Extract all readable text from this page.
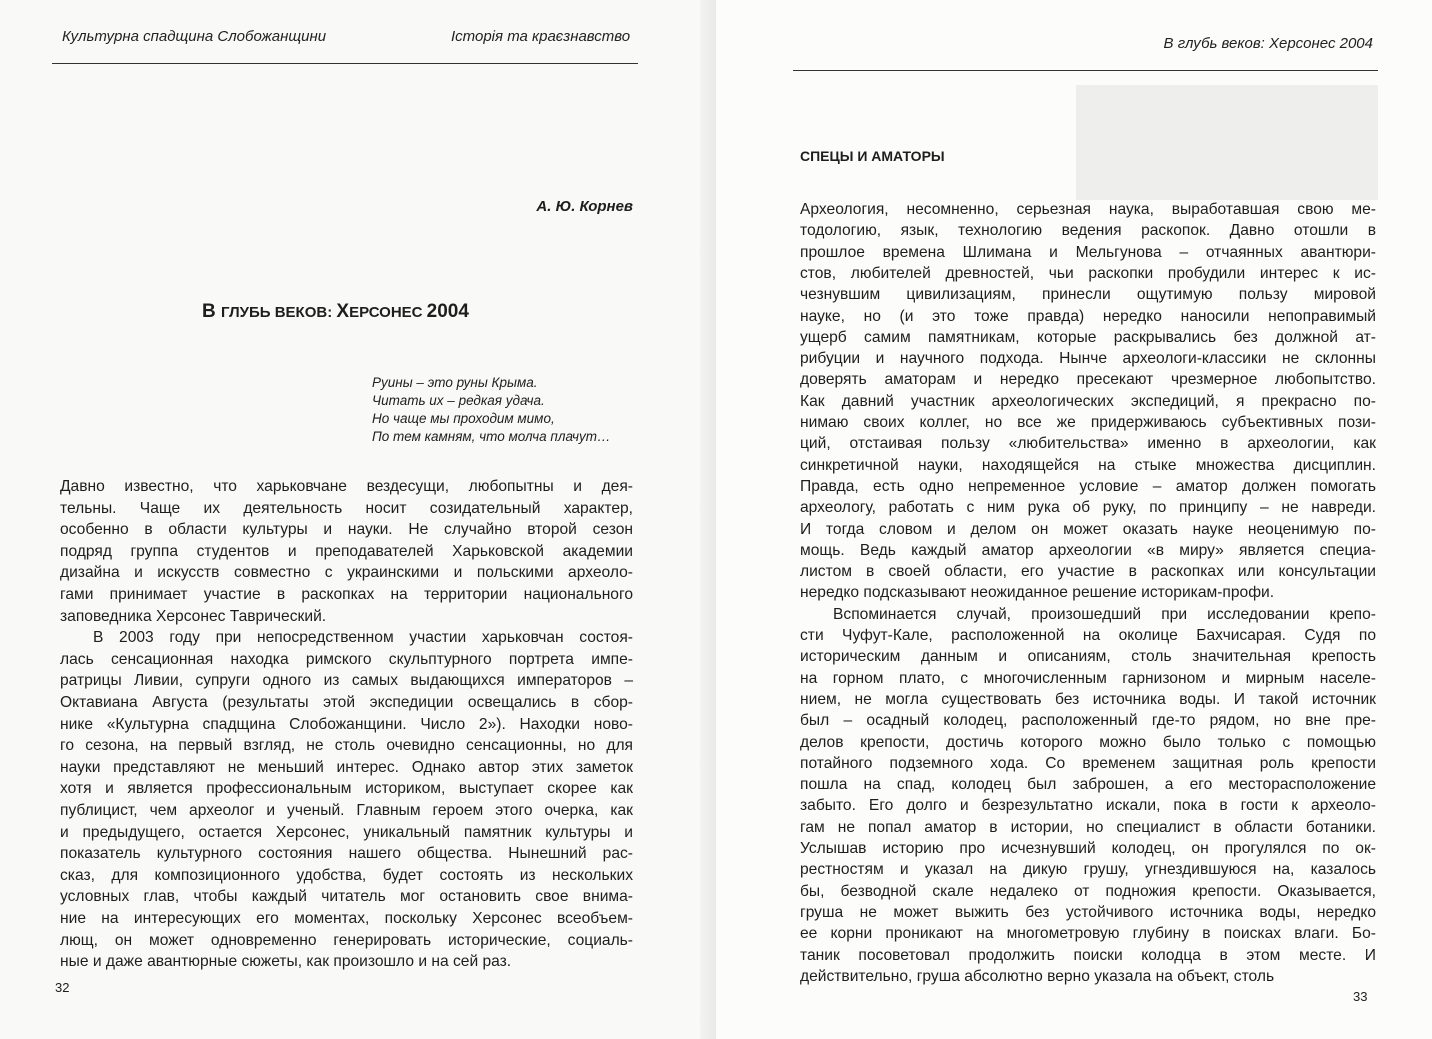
Культурна спадщина Слобожанщини	Історія та краєзнавство
А. Ю. Корнев
В ГЛУБЬ ВЕКОВ: ХЕРСОНЕС 2004
Руины – это руны Крыма.
Читать их – редкая удача.
Но чаще мы проходим мимо,
По тем камням, что молча плачут…
Давно известно, что харьковчане вездесущи, любопытны и дея-
тельны. Чаще их деятельность носит созидательный характер,
особенно в области культуры и науки. Не случайно второй сезон
подряд группа студентов и преподавателей Харьковской академии
дизайна и искусств совместно с украинскими и польскими археоло-
гами принимает участие в раскопках на территории национального
заповедника Херсонес Таврический.
В 2003 году при непосредственном участии харьковчан состоя-
лась сенсационная находка римского скульптурного портрета импе-
ратрицы Ливии, супруги одного из самых выдающихся императоров –
Октавиана Августа (результаты этой экспедиции освещались в сбор-
нике «Культурна спадщина Слобожанщини. Число 2»). Находки ново-
го сезона, на первый взгляд, не столь очевидно сенсационны, но для
науки представляют не меньший интерес. Однако автор этих заметок
хотя и является профессиональным историком, выступает скорее как
публицист, чем археолог и ученый. Главным героем этого очерка, как
и предыдущего, остается Херсонес, уникальный памятник культуры и
показатель культурного состояния нашего общества. Нынешний рас-
сказ, для композиционного удобства, будет состоять из нескольких
условных глав, чтобы каждый читатель мог остановить свое внима-
ние на интересующих его моментах, поскольку Херсонес всеобъем-
лющ, он может одновременно генерировать исторические, социаль-
ные и даже авантюрные сюжеты, как произошло и на сей раз.
32
В глубь веков: Херсонес 2004
СПЕЦЫ И АМАТОРЫ
Археология, несомненно, серьезная наука, выработавшая свою ме-
тодологию, язык, технологию ведения раскопок. Давно отошли в
прошлое времена Шлимана и Мельгунова – отчаянных авантюри-
стов, любителей древностей, чьи раскопки пробудили интерес к ис-
чезнувшим цивилизациям, принесли ощутимую пользу мировой
науке, но (и это тоже правда) нередко наносили непоправимый
ущерб самим памятникам, которые раскрывались без должной ат-
рибуции и научного подхода. Нынче археологи-классики не склонны
доверять аматорам и нередко пресекают чрезмерное любопытство.
Как давний участник археологических экспедиций, я прекрасно по-
нимаю своих коллег, но все же придерживаюсь субъективных пози-
ций, отстаивая пользу «любительства» именно в археологии, как
синкретичной науки, находящейся на стыке множества дисциплин.
Правда, есть одно непременное условие – аматор должен помогать
археологу, работать с ним рука об руку, по принципу – не навреди.
И тогда словом и делом он может оказать науке неоценимую по-
мощь. Ведь каждый аматор археологии «в миру» является специа-
листом в своей области, его участие в раскопках или консультации
нередко подсказывают неожиданное решение историкам-профи.
Вспоминается случай, произошедший при исследовании крепо-
сти Чуфут-Кале, расположенной на околице Бахчисарая. Судя по
историческим данным и описаниям, столь значительная крепость
на горном плато, с многочисленным гарнизоном и мирным населе-
нием, не могла существовать без источника воды. И такой источник
был – осадный колодец, расположенный где-то рядом, но вне пре-
делов крепости, достичь которого можно было только с помощью
потайного подземного хода. Со временем защитная роль крепости
пошла на спад, колодец был заброшен, а его месторасположение
забыто. Его долго и безрезультатно искали, пока в гости к археоло-
гам не попал аматор в истории, но специалист в области ботаники.
Услышав историю про исчезнувший колодец, он прогулялся по ок-
рестностям и указал на дикую грушу, угнездившуюся на, казалось
бы, безводной скале недалеко от подножия крепости. Оказывается,
груша не может выжить без устойчивого источника воды, нередко
ее корни проникают на многометровую глубину в поисках влаги. Бо-
таник посоветовал продолжить поиски колодца в этом месте. И
действительно, груша абсолютно верно указала на объект, столь
33
